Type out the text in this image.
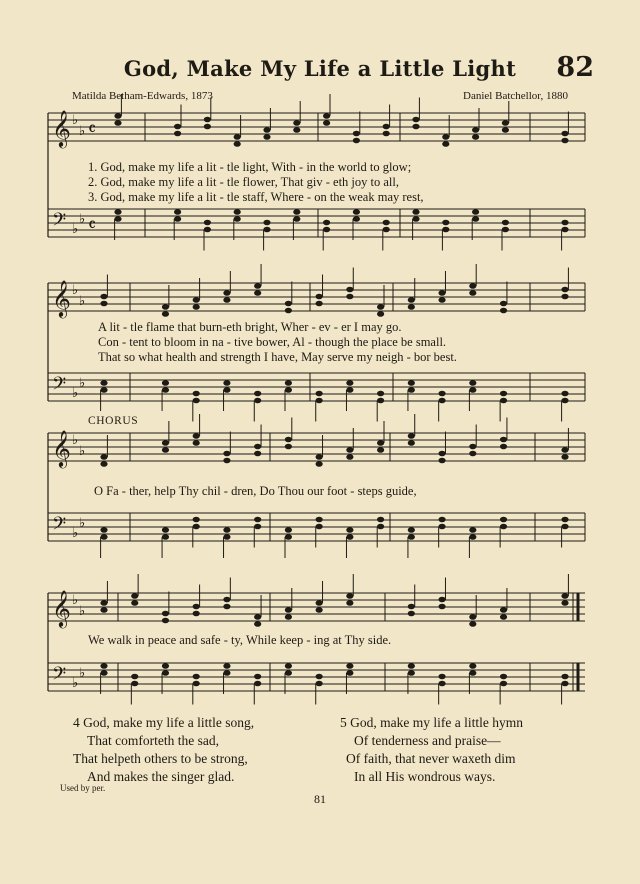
God, Make My Life a Little Light	82
Matilda Betham-Edwards, 1873	Daniel Batchellor, 1880
𝄞 ♭
♭ 𝄴
𝄢 ♭
♭ 𝄴
𝄞 ♭
♭
𝄢 ♭
♭
𝄞 ♭
♭
𝄢 ♭
♭
𝄞 ♭
♭
𝄢 ♭
♭
1. God, make my life a lit - tle light, With - in the world to glow;
2. God, make my life a lit - tle flower, That giv - eth joy to all,
3. God, make my life a lit - tle staff, Where - on the weak may rest,
A lit - tle flame that burn-eth bright, Wher - ev - er I may go.
Con - tent to bloom in na - tive bower, Al - though the place be small.
That so what health and strength I have, May serve my neigh - bor best.
CHORUS
O Fa - ther, help Thy chil - dren, Do Thou our foot - steps guide,
We walk in peace and safe - ty, While keep - ing at Thy side.
4 God, make my life a little song,
That comforteth the sad,
That helpeth others to be strong,
And makes the singer glad.
5 God, make my life a little hymn
Of tenderness and praise—
Of faith, that never waxeth dim
In all His wondrous ways.
Used by per.
81
